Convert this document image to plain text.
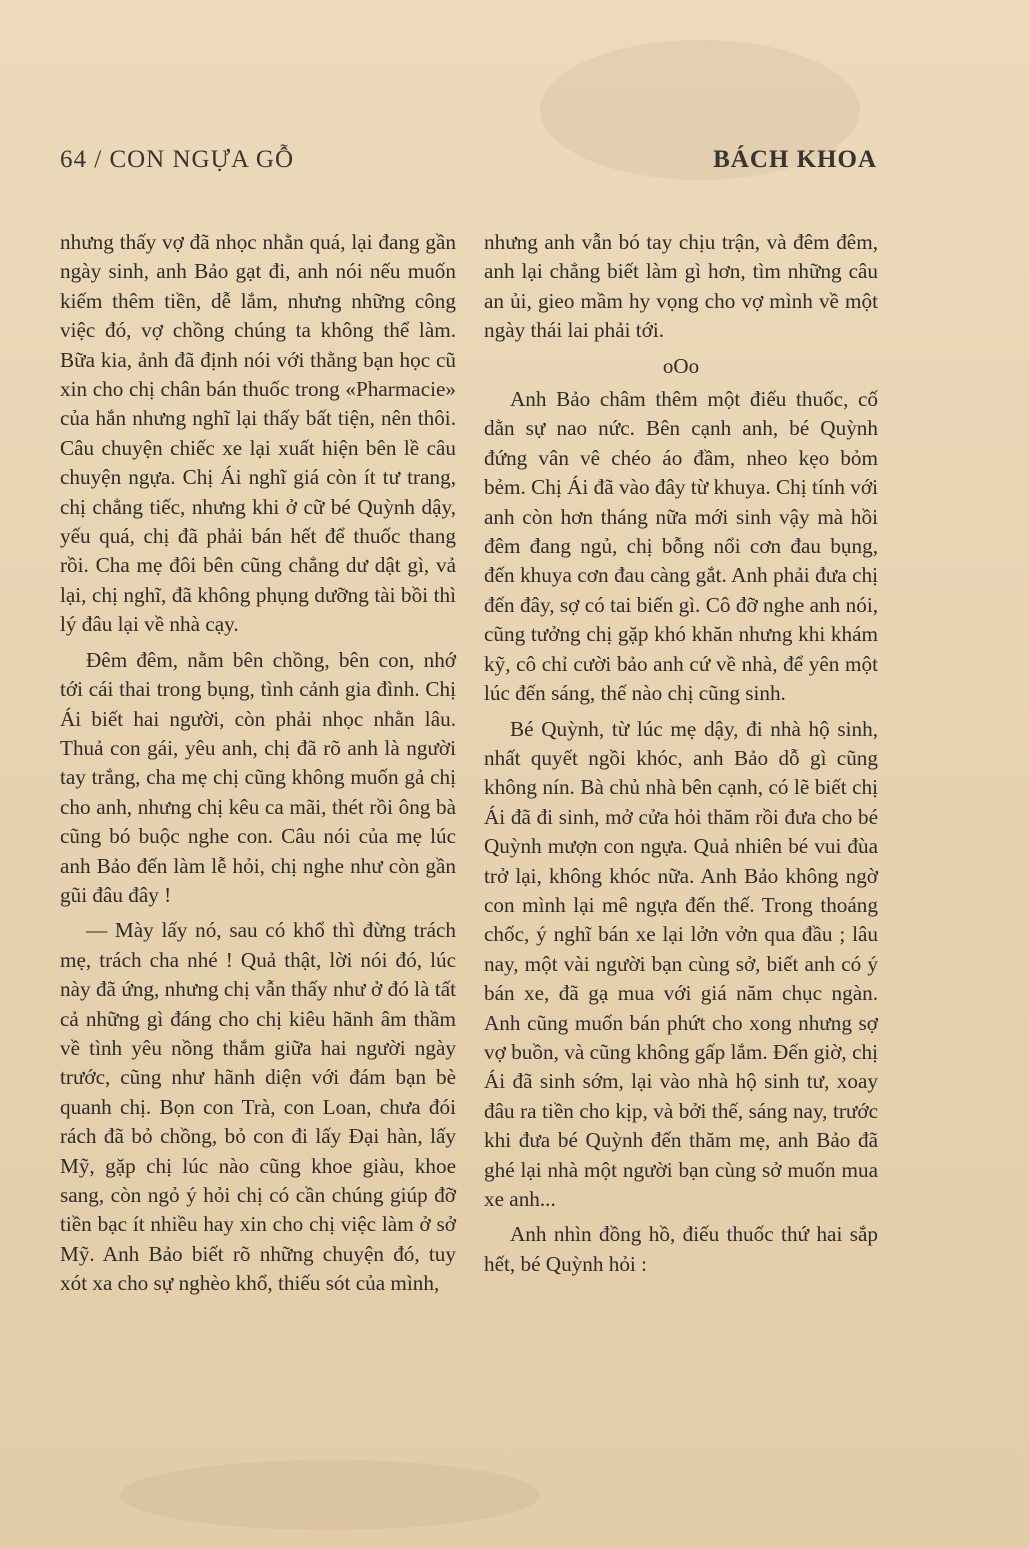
64 / CON NGỰA GỖ	BÁCH KHOA

nhưng thấy vợ đã nhọc nhằn quá, lại đang gần ngày sinh, anh Bảo gạt đi, anh nói nếu muốn kiếm thêm tiền, dễ lắm, nhưng những công việc đó, vợ chồng chúng ta không thể làm. Bữa kia, ảnh đã định nói với thằng bạn học cũ xin cho chị chân bán thuốc trong «Pharmacie» của hắn nhưng nghĩ lại thấy bất tiện, nên thôi. Câu chuyện chiếc xe lại xuất hiện bên lề câu chuyện ngựa. Chị Ái nghĩ giá còn ít tư trang, chị chẳng tiếc, nhưng khi ở cữ bé Quỳnh dậy, yếu quá, chị đã phải bán hết để thuốc thang rồi. Cha mẹ đôi bên cũng chẳng dư dật gì, vả lại, chị nghĩ, đã không phụng dưỡng tài bồi thì lý đâu lại về nhà cạy.

Đêm đêm, nằm bên chồng, bên con, nhớ tới cái thai trong bụng, tình cảnh gia đình. Chị Ái biết hai người, còn phải nhọc nhằn lâu. Thuả con gái, yêu anh, chị đã rõ anh là người tay trắng, cha mẹ chị cũng không muốn gả chị cho anh, nhưng chị kêu ca mãi, thét rồi ông bà cũng bó buộc nghe con. Câu nói của mẹ lúc anh Bảo đến làm lễ hỏi, chị nghe như còn gần gũi đâu đây !

— Mày lấy nó, sau có khổ thì đừng trách mẹ, trách cha nhé ! Quả thật, lời nói đó, lúc này đã ứng, nhưng chị vẫn thấy như ở đó là tất cả những gì đáng cho chị kiêu hãnh âm thầm về tình yêu nồng thắm giữa hai người ngày trước, cũng như hãnh diện với đám bạn bè quanh chị. Bọn con Trà, con Loan, chưa đói rách đã bỏ chồng, bỏ con đi lấy Đại hàn, lấy Mỹ, gặp chị lúc nào cũng khoe giàu, khoe sang, còn ngỏ ý hỏi chị có cần chúng giúp đỡ tiền bạc ít nhiều hay xin cho chị việc làm ở sở Mỹ. Anh Bảo biết rõ những chuyện đó, tuy xót xa cho sự nghèo khổ, thiếu sót của mình,

nhưng anh vẫn bó tay chịu trận, và đêm đêm, anh lại chẳng biết làm gì hơn, tìm những câu an ủi, gieo mầm hy vọng cho vợ mình về một ngày thái lai phải tới.

oOo

Anh Bảo châm thêm một điếu thuốc, cố dằn sự nao nức. Bên cạnh anh, bé Quỳnh đứng vân vê chéo áo đầm, nheo kẹo bỏm bẻm. Chị Ái đã vào đây từ khuya. Chị tính với anh còn hơn tháng nữa mới sinh vậy mà hồi đêm đang ngủ, chị bỗng nổi cơn đau bụng, đến khuya cơn đau càng gắt. Anh phải đưa chị đến đây, sợ có tai biến gì. Cô đỡ nghe anh nói, cũng tưởng chị gặp khó khăn nhưng khi khám kỹ, cô chỉ cười bảo anh cứ về nhà, để yên một lúc đến sáng, thế nào chị cũng sinh.

Bé Quỳnh, từ lúc mẹ dậy, đi nhà hộ sinh, nhất quyết ngồi khóc, anh Bảo dỗ gì cũng không nín. Bà chủ nhà bên cạnh, có lẽ biết chị Ái đã đi sinh, mở cửa hỏi thăm rồi đưa cho bé Quỳnh mượn con ngựa. Quả nhiên bé vui đùa trở lại, không khóc nữa. Anh Bảo không ngờ con mình lại mê ngựa đến thế. Trong thoáng chốc, ý nghĩ bán xe lại lởn vởn qua đầu ; lâu nay, một vài người bạn cùng sở, biết anh có ý bán xe, đã gạ mua với giá năm chục ngàn. Anh cũng muốn bán phứt cho xong nhưng sợ vợ buồn, và cũng không gấp lắm. Đến giờ, chị Ái đã sinh sớm, lại vào nhà hộ sinh tư, xoay đâu ra tiền cho kịp, và bởi thế, sáng nay, trước khi đưa bé Quỳnh đến thăm mẹ, anh Bảo đã ghé lại nhà một người bạn cùng sở muốn mua xe anh...

Anh nhìn đồng hồ, điếu thuốc thứ hai sắp hết, bé Quỳnh hỏi :
